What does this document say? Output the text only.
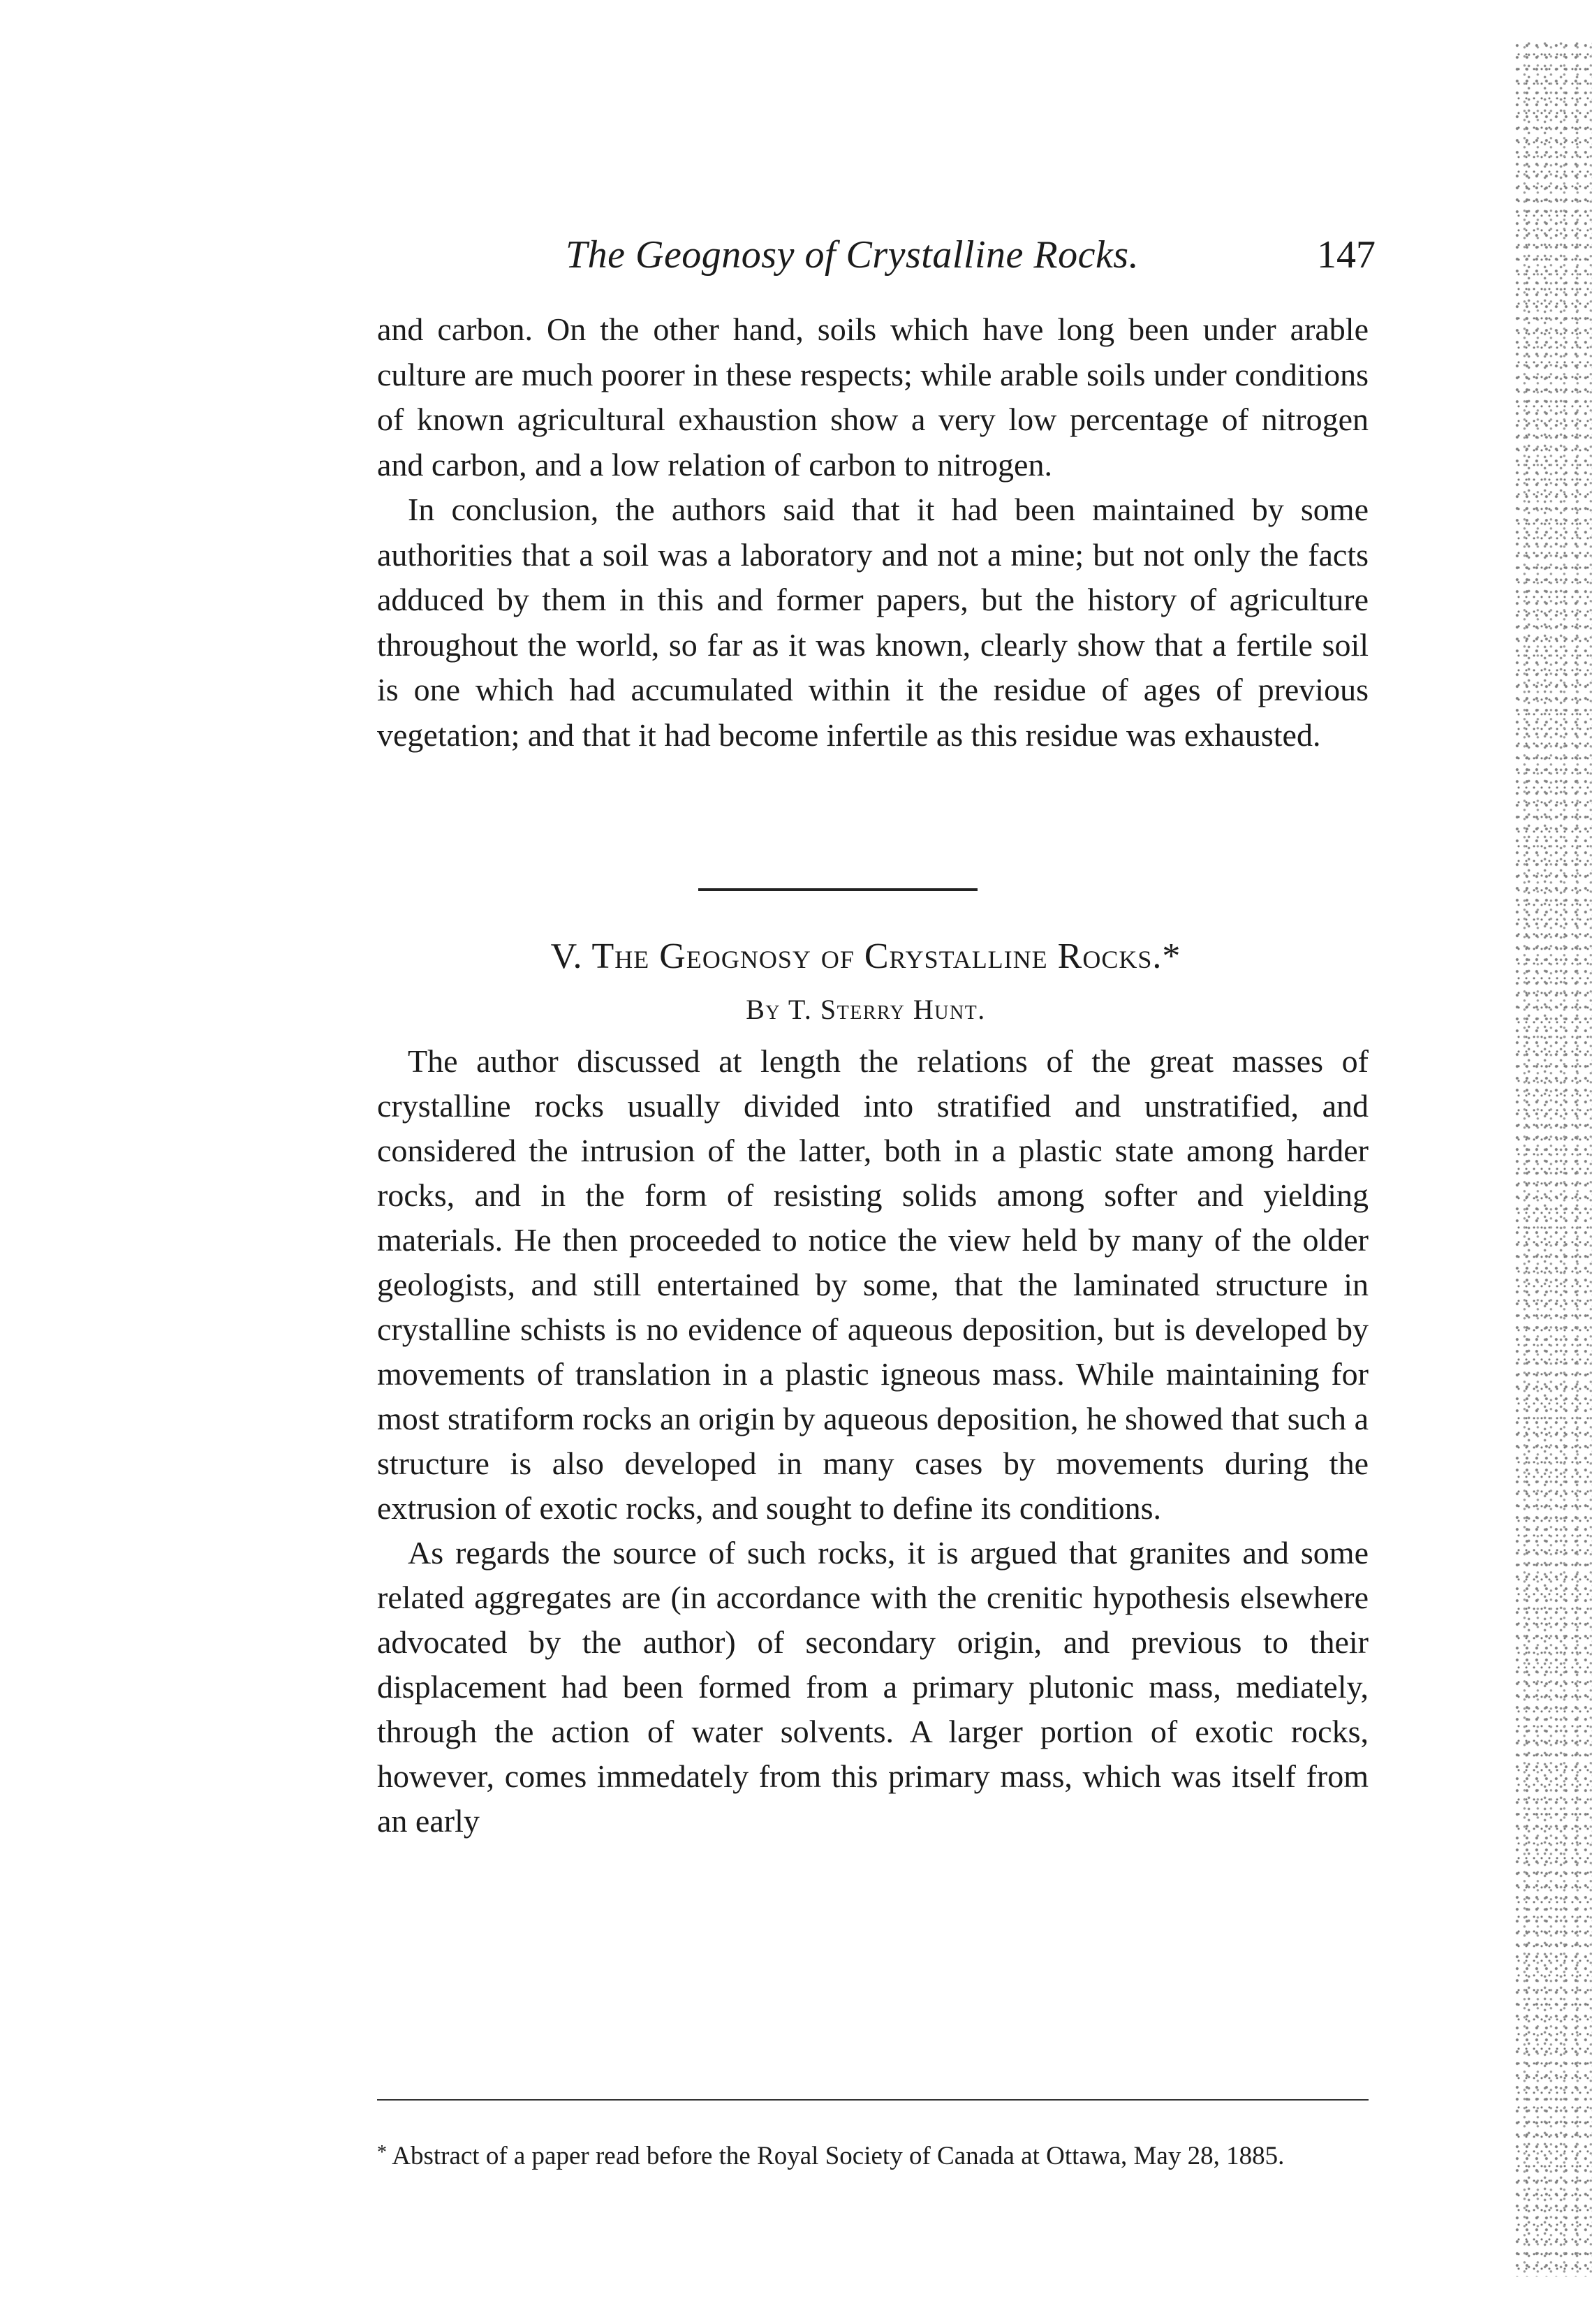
The Geognosy of Crystalline Rocks.	147

and carbon. On the other hand, soils which have long been under arable culture are much poorer in these respects; while arable soils under conditions of known agricultural exhaustion show a very low percentage of nitrogen and carbon, and a low relation of carbon to nitrogen.

In conclusion, the authors said that it had been maintained by some authorities that a soil was a laboratory and not a mine; but not only the facts adduced by them in this and former papers, but the history of agriculture throughout the world, so far as it was known, clearly show that a fertile soil is one which had accumulated within it the residue of ages of previous vegetation; and that it had become infertile as this residue was exhausted.

V. The Geognosy of Crystalline Rocks.*

By T. Sterry Hunt.

The author discussed at length the relations of the great masses of crystalline rocks usually divided into stratified and unstratified, and considered the intrusion of the latter, both in a plastic state among harder rocks, and in the form of resisting solids among softer and yielding materials. He then proceeded to notice the view held by many of the older geologists, and still entertained by some, that the laminated structure in crystalline schists is no evidence of aqueous deposition, but is developed by movements of translation in a plastic igneous mass. While maintaining for most stratiform rocks an origin by aqueous deposition, he showed that such a structure is also developed in many cases by movements during the extrusion of exotic rocks, and sought to define its conditions.

As regards the source of such rocks, it is argued that granites and some related aggregates are (in accordance with the crenitic hypothesis elsewhere advocated by the author) of secondary origin, and previous to their displacement had been formed from a primary plutonic mass, mediately, through the action of water solvents. A larger portion of exotic rocks, however, comes immedately from this primary mass, which was itself from an early

* Abstract of a paper read before the Royal Society of Canada at Ottawa, May 28, 1885.
